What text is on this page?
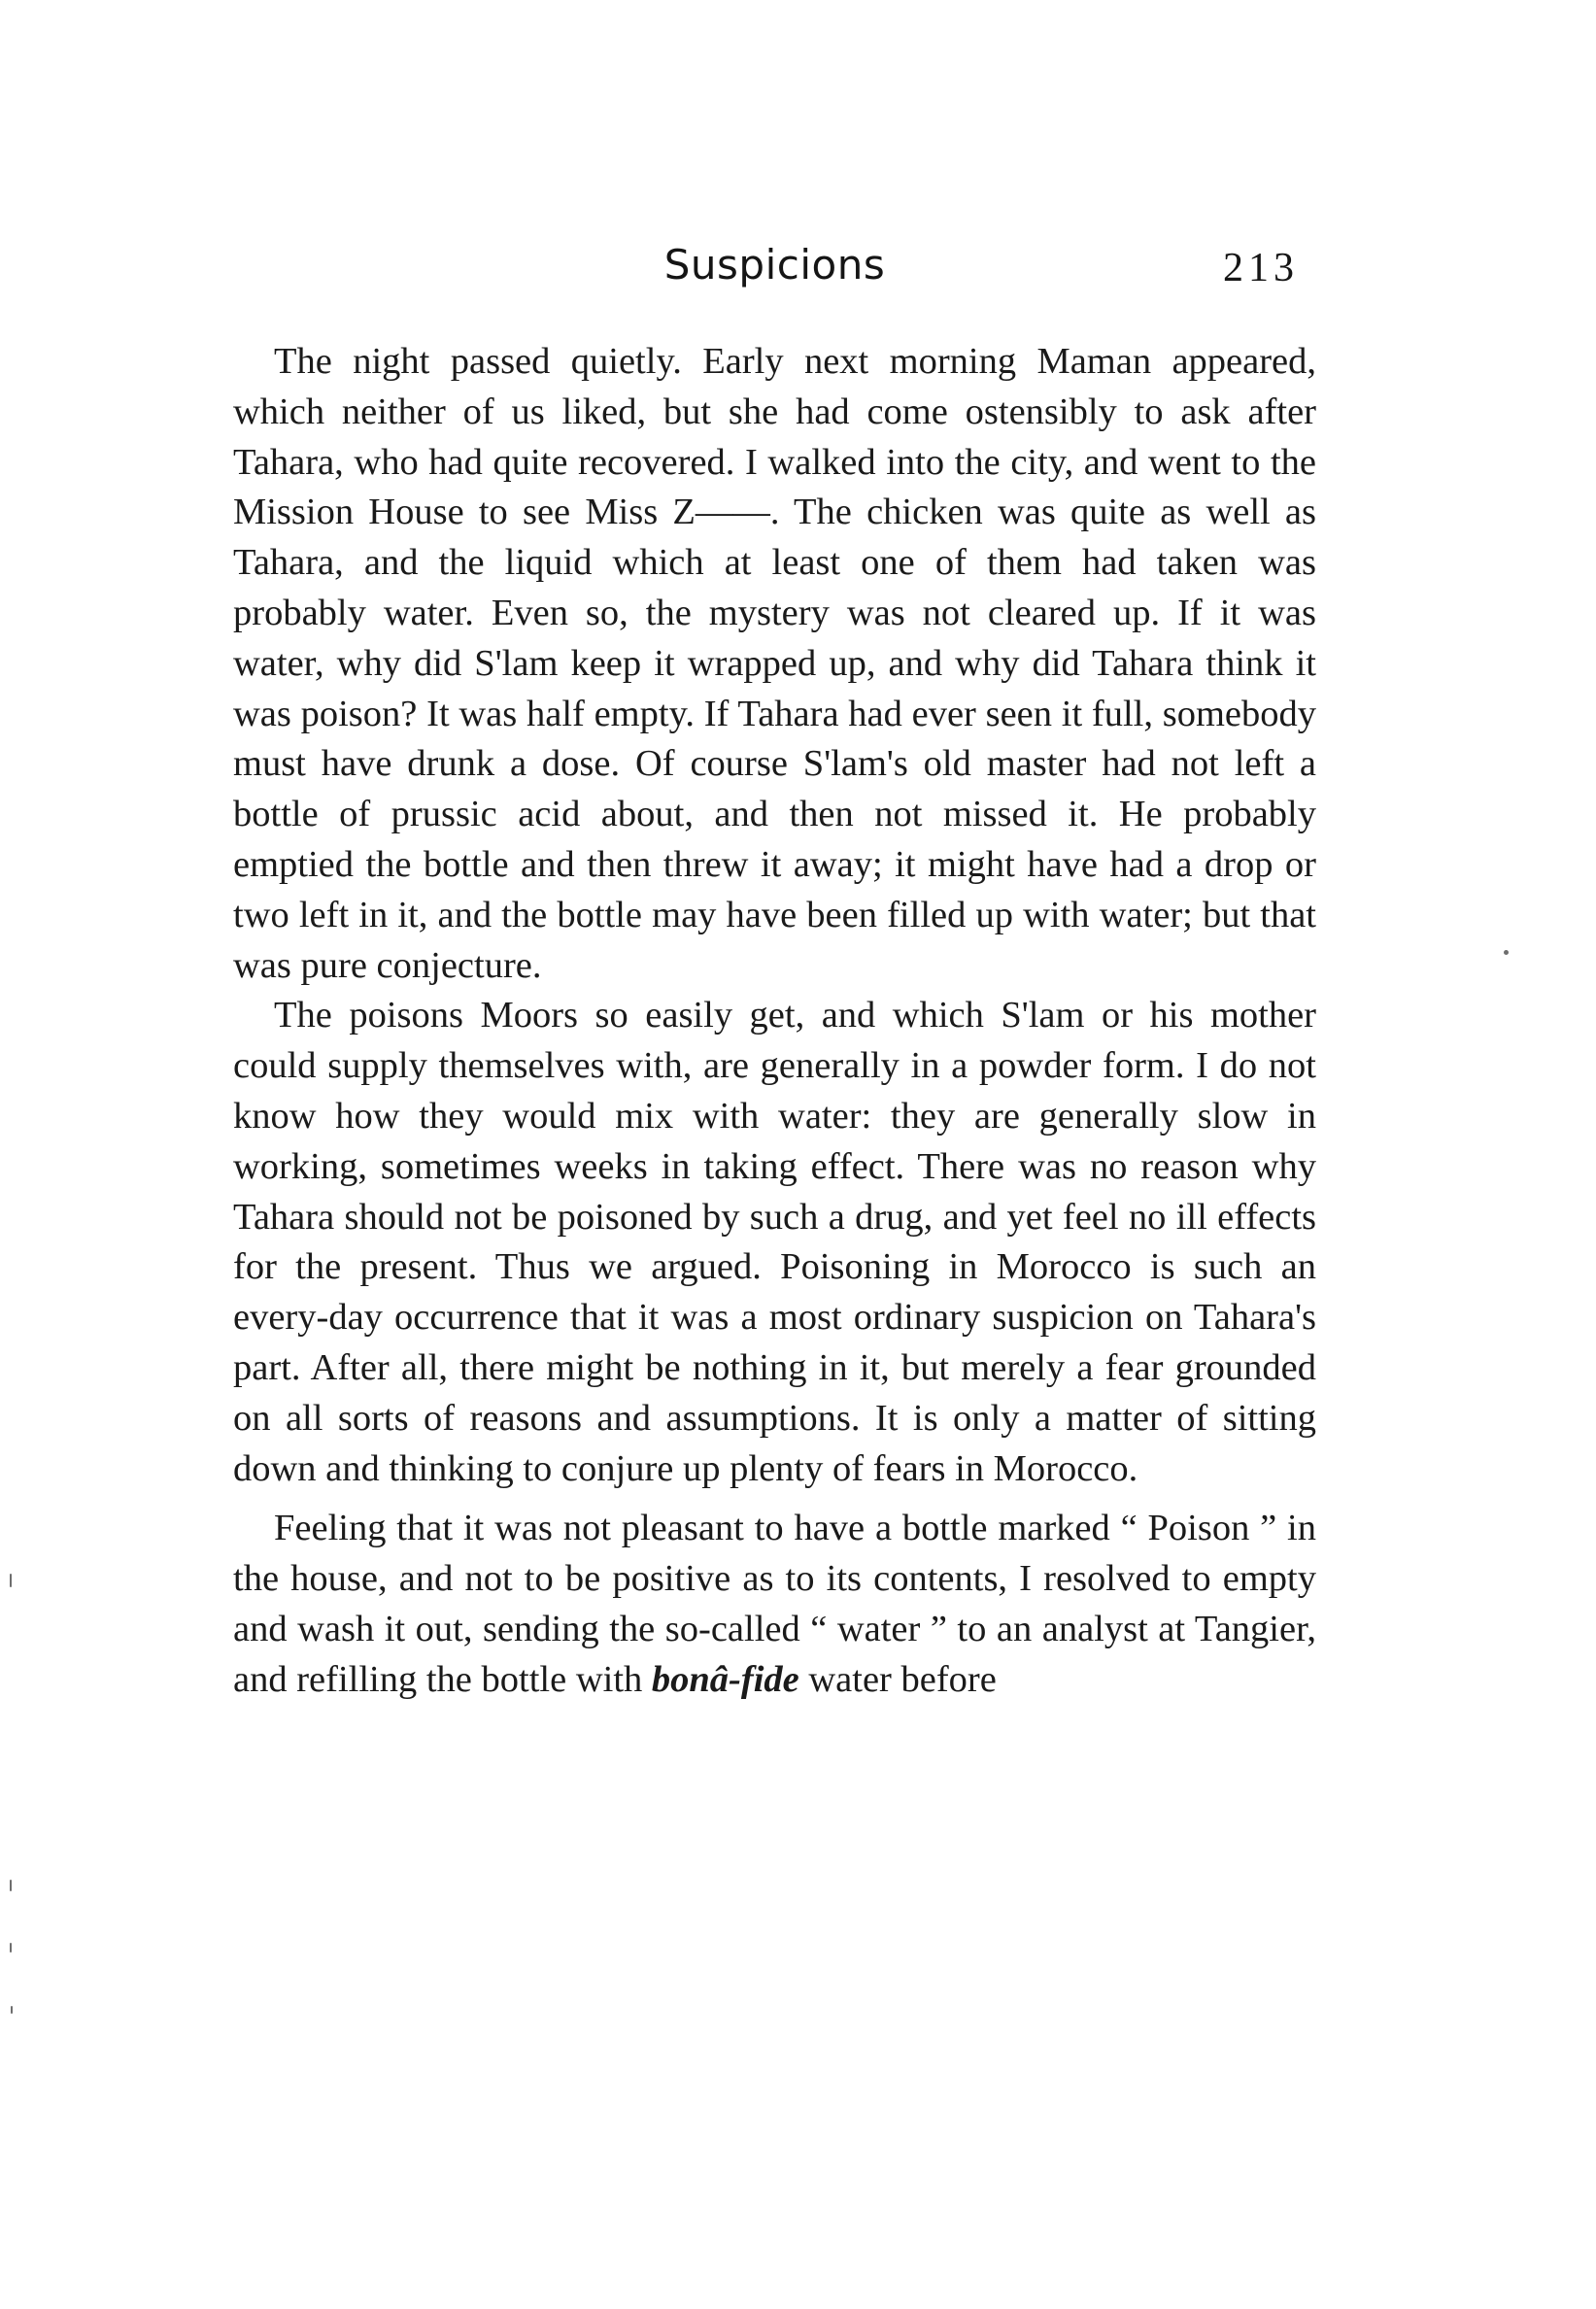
Suspicions	213

The night passed quietly. Early next morning Maman appeared, which neither of us liked, but she had come ostensibly to ask after Tahara, who had quite recovered. I walked into the city, and went to the Mission House to see Miss Z——. The chicken was quite as well as Tahara, and the liquid which at least one of them had taken was probably water. Even so, the mystery was not cleared up. If it was water, why did S'lam keep it wrapped up, and why did Tahara think it was poison? It was half empty. If Tahara had ever seen it full, somebody must have drunk a dose. Of course S'lam's old master had not left a bottle of prussic acid about, and then not missed it. He probably emptied the bottle and then threw it away; it might have had a drop or two left in it, and the bottle may have been filled up with water; but that was pure conjecture.

The poisons Moors so easily get, and which S'lam or his mother could supply themselves with, are generally in a powder form. I do not know how they would mix with water: they are generally slow in working, sometimes weeks in taking effect. There was no reason why Tahara should not be poisoned by such a drug, and yet feel no ill effects for the present. Thus we argued. Poisoning in Morocco is such an every-day occurrence that it was a most ordinary suspicion on Tahara's part. After all, there might be nothing in it, but merely a fear grounded on all sorts of reasons and assumptions. It is only a matter of sitting down and thinking to conjure up plenty of fears in Morocco.

Feeling that it was not pleasant to have a bottle marked “ Poison ” in the house, and not to be positive as to its contents, I resolved to empty and wash it out, sending the so-called “ water ” to an analyst at Tangier, and refilling the bottle with bonâ-fide water before
